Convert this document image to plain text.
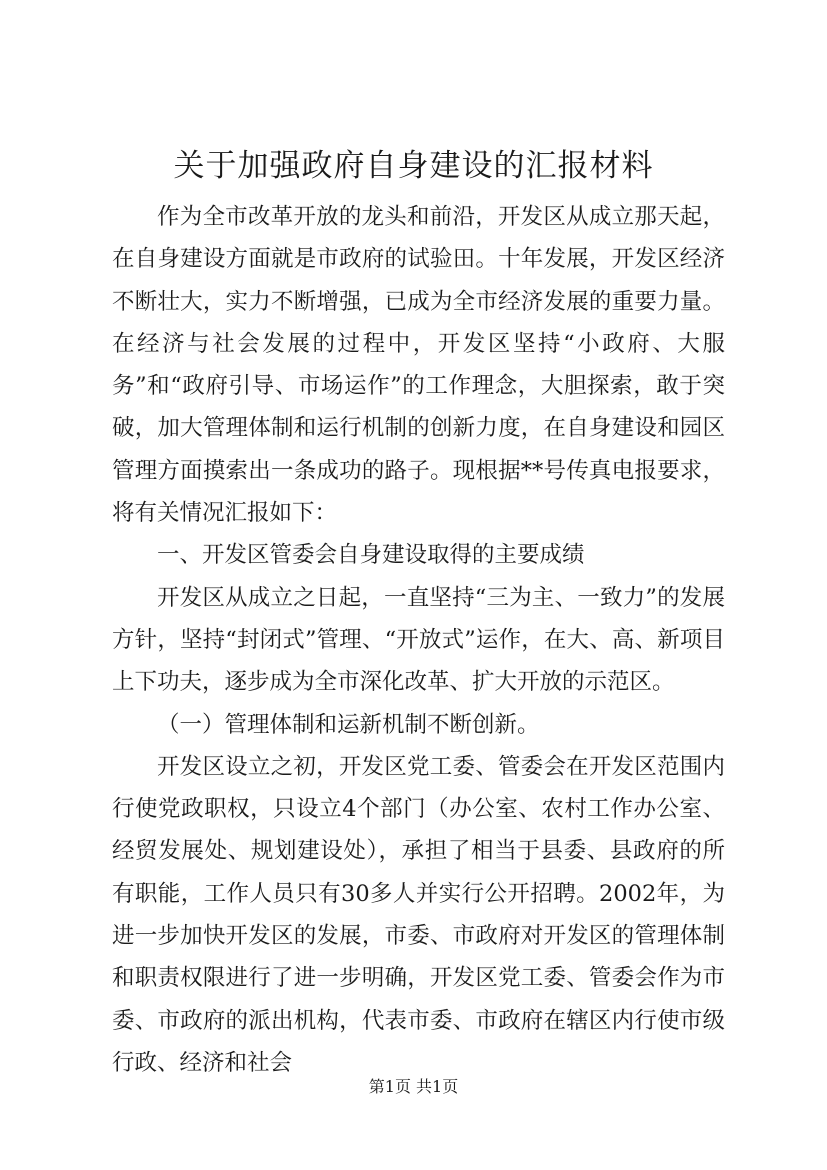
关于加强政府自身建设的汇报材料

作为全市改革开放的龙头和前沿，开发区从成立那天起，在自身建设方面就是市政府的试验田。十年发展，开发区经济不断壮大，实力不断增强，已成为全市经济发展的重要力量。在经济与社会发展的过程中，开发区坚持“小政府、大服务”和“政府引导、市场运作”的工作理念，大胆探索，敢于突破，加大管理体制和运行机制的创新力度，在自身建设和园区管理方面摸索出一条成功的路子。现根据**号传真电报要求，将有关情况汇报如下：

一、开发区管委会自身建设取得的主要成绩

开发区从成立之日起，一直坚持“三为主、一致力”的发展方针，坚持“封闭式”管理、“开放式”运作，在大、高、新项目上下功夫，逐步成为全市深化改革、扩大开放的示范区。

（一）管理体制和运新机制不断创新。

开发区设立之初，开发区党工委、管委会在开发区范围内行使党政职权，只设立4个部门（办公室、农村工作办公室、经贸发展处、规划建设处），承担了相当于县委、县政府的所有职能，工作人员只有30多人并实行公开招聘。2002年，为进一步加快开发区的发展，市委、市政府对开发区的管理体制和职责权限进行了进一步明确，开发区党工委、管委会作为市委、市政府的派出机构，代表市委、市政府在辖区内行使市级行政、经济和社会

第1页 共1页
